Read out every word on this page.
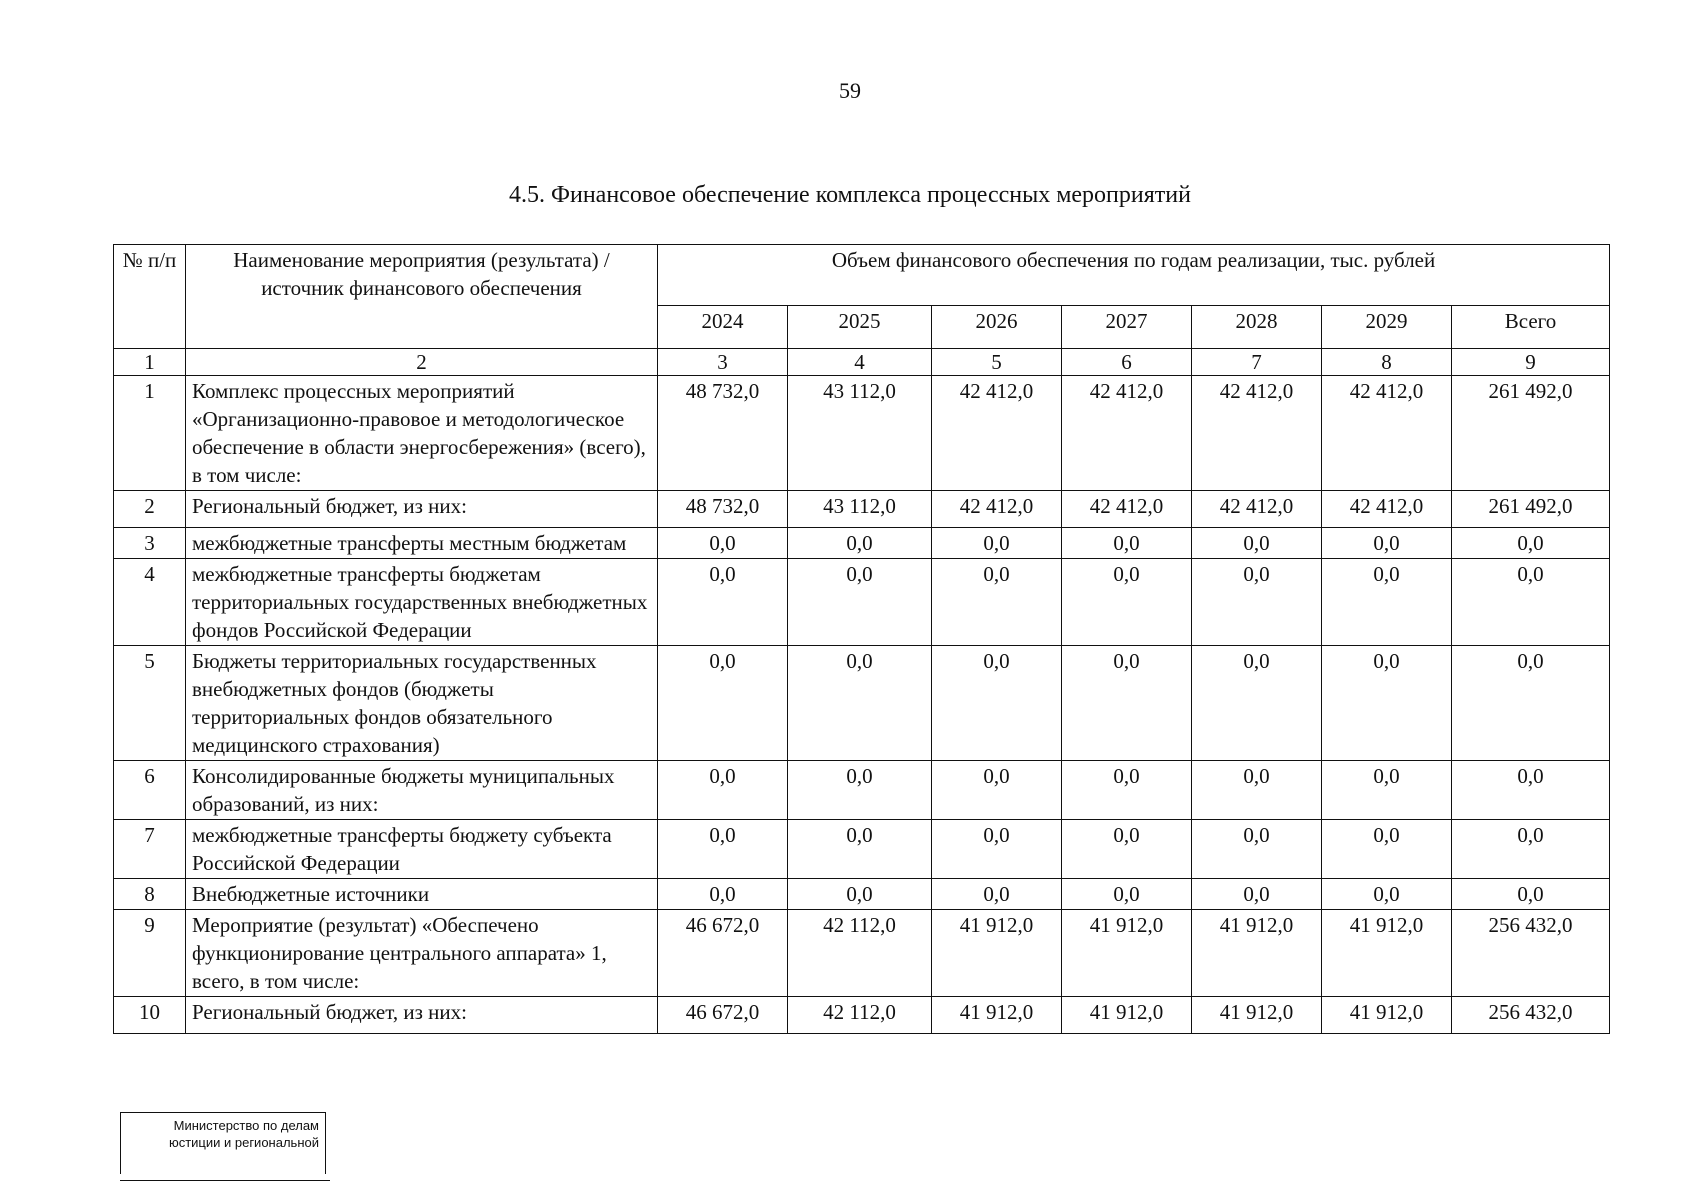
59
4.5. Финансовое обеспечение комплекса процессных мероприятий
№ п/п	Наименование мероприятия (результата) / источник финансового обеспечения	Объем финансового обеспечения по годам реализации, тыс. рублей						
		2024	2025	2026	2027	2028	2029	Всего
1	2	3	4	5	6	7	8	9
1	Комплекс процессных мероприятий «Организационно-правовое и методологическое обеспечение в области энергосбережения» (всего), в том числе:	48 732,0	43 112,0	42 412,0	42 412,0	42 412,0	42 412,0	261 492,0
2	Региональный бюджет, из них:	48 732,0	43 112,0	42 412,0	42 412,0	42 412,0	42 412,0	261 492,0
3	межбюджетные трансферты местным бюджетам	0,0	0,0	0,0	0,0	0,0	0,0	0,0
4	межбюджетные трансферты бюджетам территориальных государственных внебюджетных фондов Российской Федерации	0,0	0,0	0,0	0,0	0,0	0,0	0,0
5	Бюджеты территориальных государственных внебюджетных фондов (бюджеты территориальных фондов обязательного медицинского страхования)	0,0	0,0	0,0	0,0	0,0	0,0	0,0
6	Консолидированные бюджеты муниципальных образований, из них:	0,0	0,0	0,0	0,0	0,0	0,0	0,0
7	межбюджетные трансферты бюджету субъекта Российской Федерации	0,0	0,0	0,0	0,0	0,0	0,0	0,0
8	Внебюджетные источники	0,0	0,0	0,0	0,0	0,0	0,0	0,0
9	Мероприятие (результат) «Обеспечено функционирование центрального аппарата» 1, всего, в том числе:	46 672,0	42 112,0	41 912,0	41 912,0	41 912,0	41 912,0	256 432,0
10	Региональный бюджет, из них:	46 672,0	42 112,0	41 912,0	41 912,0	41 912,0	41 912,0	256 432,0
Министерство по делам
юстиции и региональной
